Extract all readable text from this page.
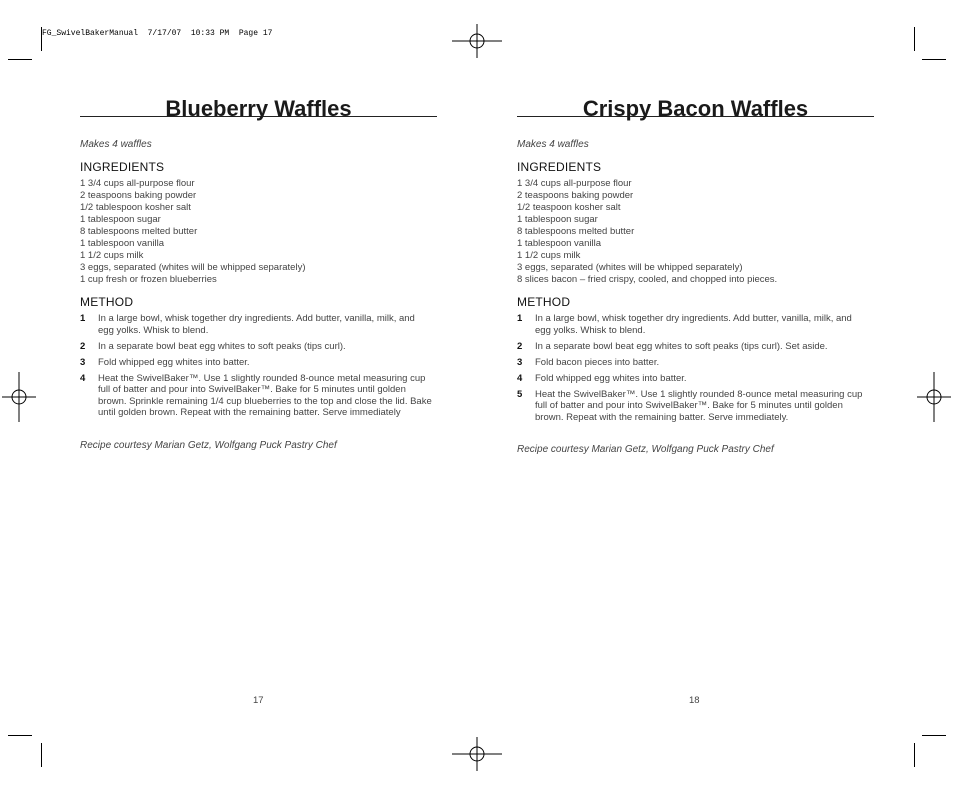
FG_SwivelBakerManual  7/17/07  10:33 PM  Page 17
Blueberry Waffles
Makes 4 waffles
INGREDIENTS
1 3/4 cups all-purpose flour
2 teaspoons baking powder
1/2 tablespoon kosher salt
1 tablespoon sugar
8 tablespoons melted butter
1 tablespoon vanilla
1 1/2 cups milk
3 eggs, separated (whites will be whipped separately)
1 cup fresh or frozen blueberries
METHOD
1	In a large bowl, whisk together dry ingredients. Add butter, vanilla, milk, and egg yolks. Whisk to blend.
2	In a separate bowl beat egg whites to soft peaks (tips curl).
3	Fold whipped egg whites into batter.
4	Heat the SwivelBaker™. Use 1 slightly rounded 8-ounce metal measuring cup full of batter and pour into SwivelBaker™. Bake for 5 minutes until golden brown. Sprinkle remaining 1/4 cup blueberries to the top and close the lid. Bake until golden brown. Repeat with the remaining batter. Serve immediately
Recipe courtesy Marian Getz, Wolfgang Puck Pastry Chef
17
Crispy Bacon Waffles
Makes 4 waffles
INGREDIENTS
1 3/4 cups all-purpose flour
2 teaspoons baking powder
1/2 teaspoon kosher salt
1 tablespoon sugar
8 tablespoons melted butter
1 tablespoon vanilla
1 1/2 cups milk
3 eggs, separated (whites will be whipped separately)
8 slices bacon – fried crispy, cooled, and chopped into pieces.
METHOD
1	In a large bowl, whisk together dry ingredients. Add butter, vanilla, milk, and egg yolks. Whisk to blend.
2	In a separate bowl beat egg whites to soft peaks (tips curl). Set aside.
3	Fold bacon pieces into batter.
4	Fold whipped egg whites into batter.
5	Heat the SwivelBaker™. Use 1 slightly rounded 8-ounce metal measuring cup full of batter and pour into SwivelBaker™. Bake for 5 minutes until golden brown. Repeat with the remaining batter. Serve immediately.
Recipe courtesy Marian Getz, Wolfgang Puck Pastry Chef
18
